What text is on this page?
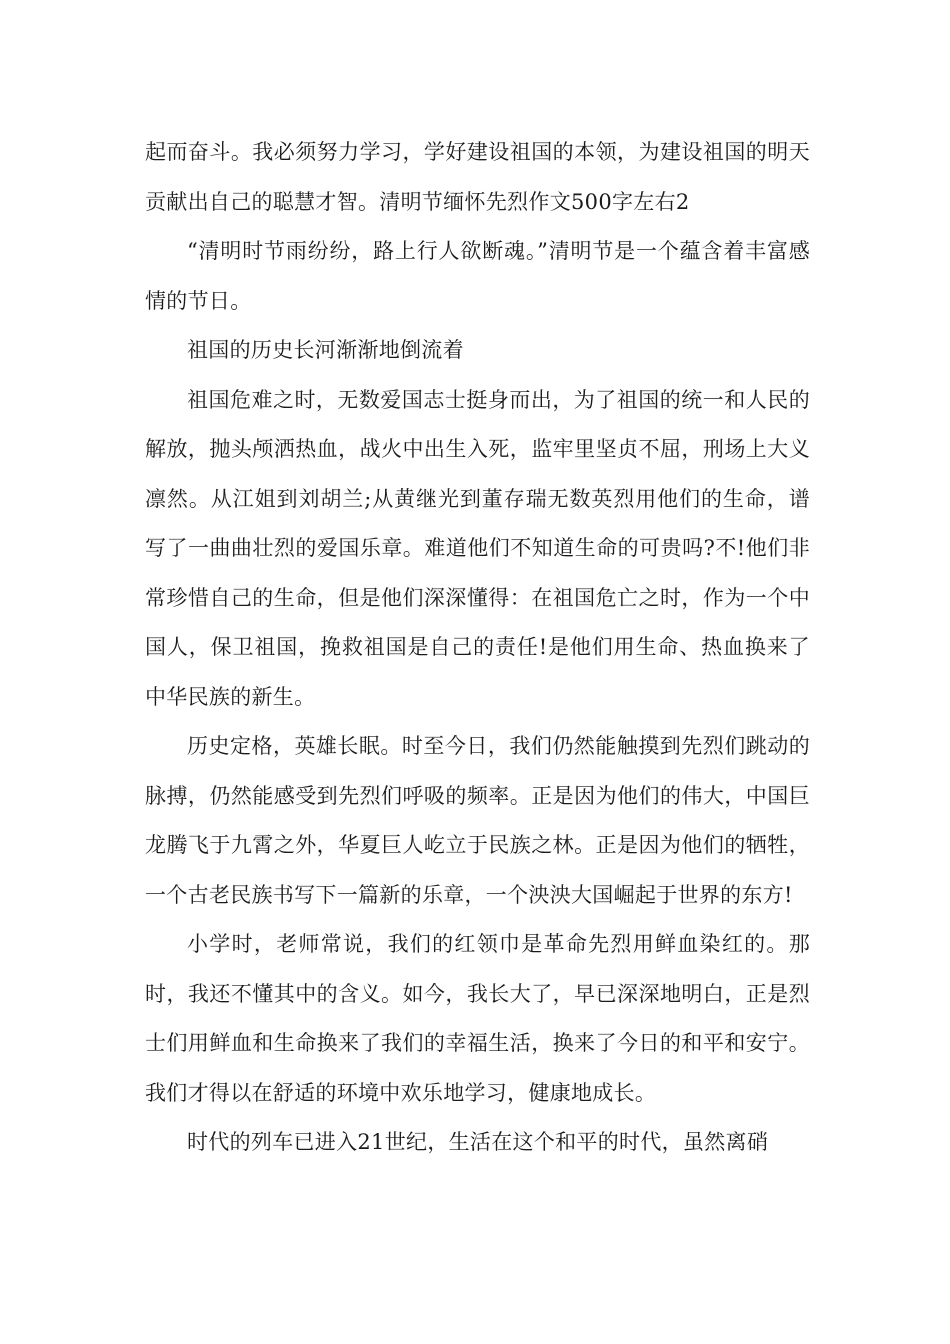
起而奋斗。我必须努力学习，学好建设祖国的本领，为建设祖国的明天贡献出自己的聪慧才智。清明节缅怀先烈作文500字左右2

“清明时节雨纷纷，路上行人欲断魂。”清明节是一个蕴含着丰富感情的节日。

祖国的历史长河渐渐地倒流着

祖国危难之时，无数爱国志士挺身而出，为了祖国的统一和人民的解放，抛头颅洒热血，战火中出生入死，监牢里坚贞不屈，刑场上大义凛然。从江姐到刘胡兰;从黄继光到董存瑞无数英烈用他们的生命，谱写了一曲曲壮烈的爱国乐章。难道他们不知道生命的可贵吗?不!他们非常珍惜自己的生命，但是他们深深懂得：在祖国危亡之时，作为一个中国人，保卫祖国，挽救祖国是自己的责任!是他们用生命、热血换来了中华民族的新生。

历史定格，英雄长眠。时至今日，我们仍然能触摸到先烈们跳动的脉搏，仍然能感受到先烈们呼吸的频率。正是因为他们的伟大，中国巨龙腾飞于九霄之外，华夏巨人屹立于民族之林。正是因为他们的牺牲，一个古老民族书写下一篇新的乐章，一个泱泱大国崛起于世界的东方!

小学时，老师常说，我们的红领巾是革命先烈用鲜血染红的。那时，我还不懂其中的含义。如今，我长大了，早已深深地明白，正是烈士们用鲜血和生命换来了我们的幸福生活，换来了今日的和平和安宁。我们才得以在舒适的环境中欢乐地学习，健康地成长。

时代的列车已进入21世纪，生活在这个和平的时代，虽然离硝
